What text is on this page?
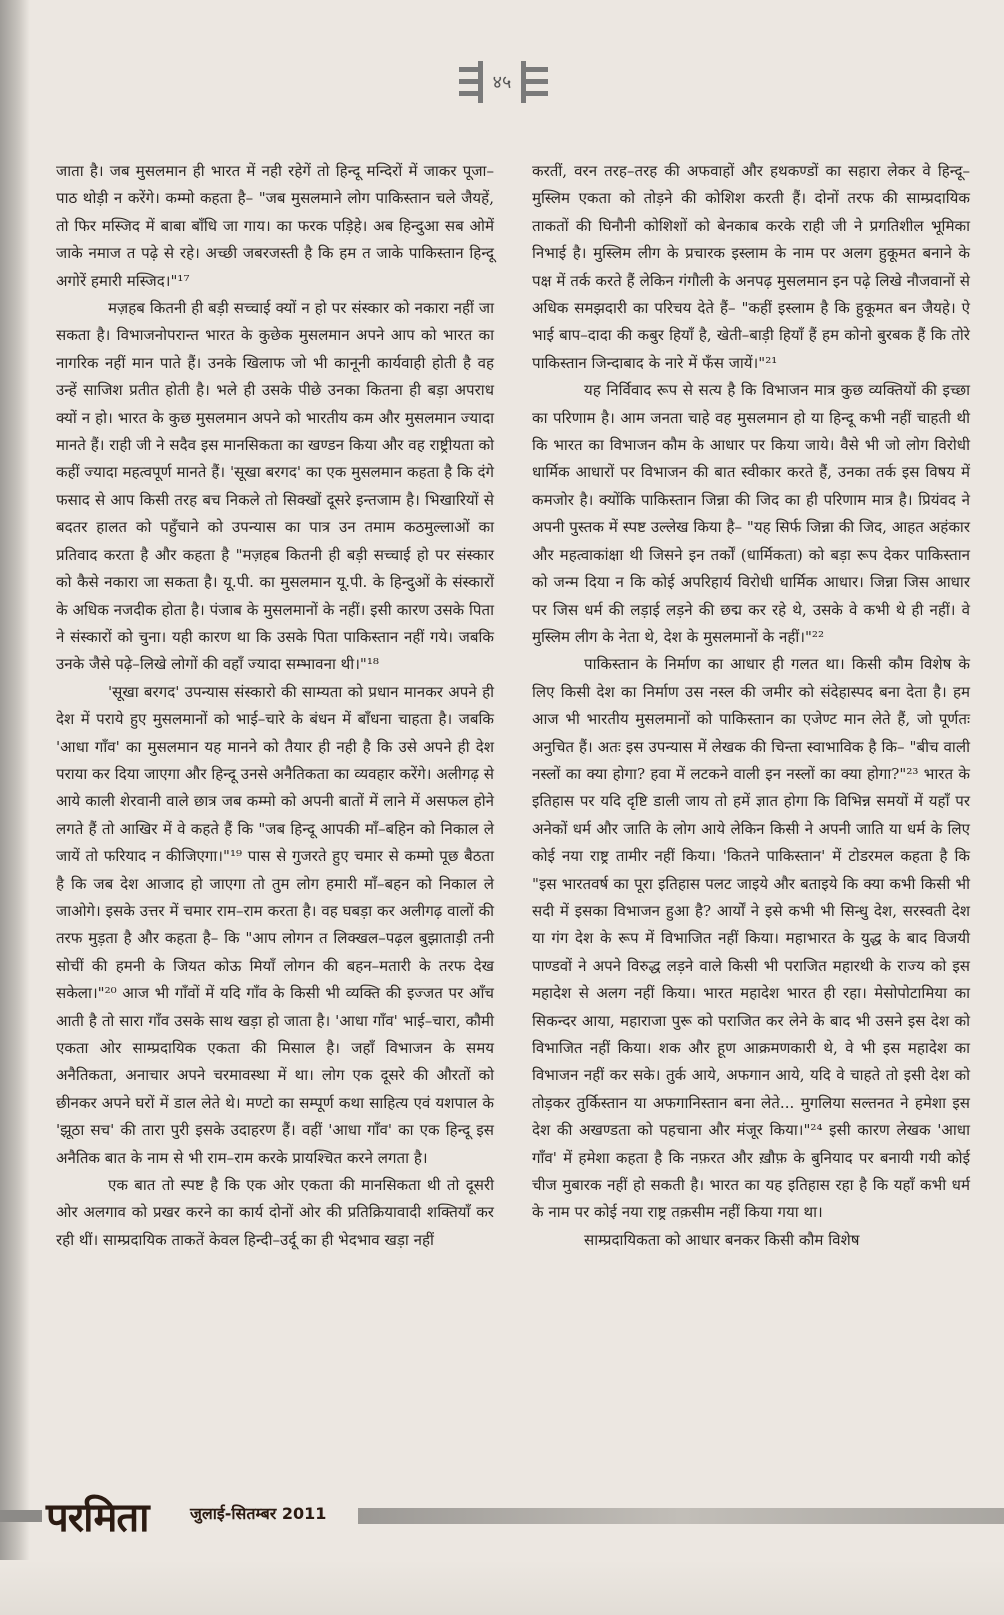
४५

जाता है। जब मुसलमान ही भारत में नही रहेगें तो हिन्दू मन्दिरों में जाकर पूजा–पाठ थोड़ी न करेंगे। कम्मो कहता है– "जब मुसलमाने लोग पाकिस्तान चले जैयहें, तो फिर मस्जिद में बाबा बाँधि जा गाय। का फरक पड़िहे। अब हिन्दुआ सब ओमें जाके नमाज त पढ़े से रहे। अच्छी जबरजस्ती है कि हम त जाके पाकिस्तान हिन्दू अगोरें हमारी मस्जिद।"¹⁷

मज़हब कितनी ही बड़ी सच्चाई क्यों न हो पर संस्कार को नकारा नहीं जा सकता है। विभाजनोपरान्त भारत के कुछेक मुसलमान अपने आप को भारत का नागरिक नहीं मान पाते हैं। उनके खिलाफ जो भी कानूनी कार्यवाही होती है वह उन्हें साजिश प्रतीत होती है। भले ही उसके पीछे उनका कितना ही बड़ा अपराध क्यों न हो। भारत के कुछ मुसलमान अपने को भारतीय कम और मुसलमान ज्यादा मानते हैं। राही जी ने सदैव इस मानसिकता का खण्डन किया और वह राष्ट्रीयता को कहीं ज्यादा महत्वपूर्ण मानते हैं। 'सूखा बरगद' का एक मुसलमान कहता है कि दंगे फसाद से आप किसी तरह बच निकले तो सिक्खों दूसरे इन्तजाम है। भिखारियों से बदतर हालत को पहुँचाने को उपन्यास का पात्र उन तमाम कठमुल्लाओं का प्रतिवाद करता है और कहता है "मज़हब कितनी ही बड़ी सच्चाई हो पर संस्कार को कैसे नकारा जा सकता है। यू.पी. का मुसलमान यू.पी. के हिन्दुओं के संस्कारों के अधिक नजदीक होता है। पंजाब के मुसलमानों के नहीं। इसी कारण उसके पिता ने संस्कारों को चुना। यही कारण था कि उसके पिता पाकिस्तान नहीं गये। जबकि उनके जैसे पढ़े–लिखे लोगों की वहाँ ज्यादा सम्भावना थी।"¹⁸

'सूखा बरगद' उपन्यास संस्कारो की साम्यता को प्रधान मानकर अपने ही देश में पराये हुए मुसलमानों को भाई–चारे के बंधन में बाँधना चाहता है। जबकि 'आधा गाँव' का मुसलमान यह मानने को तैयार ही नही है कि उसे अपने ही देश पराया कर दिया जाएगा और हिन्दू उनसे अनैतिकता का व्यवहार करेंगे। अलीगढ़ से आये काली शेरवानी वाले छात्र जब कम्मो को अपनी बातों में लाने में असफल होने लगते हैं तो आखिर में वे कहते हैं कि "जब हिन्दू आपकी माँ–बहिन को निकाल ले जायें तो फरियाद न कीजिएगा।"¹⁹ पास से गुजरते हुए चमार से कम्मो पूछ बैठता है कि जब देश आजाद हो जाएगा तो तुम लोग हमारी माँ–बहन को निकाल ले जाओगे। इसके उत्तर में चमार राम–राम करता है। वह घबड़ा कर अलीगढ़ वालों की तरफ मुड़ता है और कहता है– कि "आप लोगन त लिक्खल–पढ़ल बुझाताड़ी तनी सोचीं की हमनी के जियत कोऊ मियाँ लोगन की बहन–मतारी के तरफ देख सकेला।"²⁰ आज भी गाँवों में यदि गाँव के किसी भी व्यक्ति की इज्जत पर आँच आती है तो सारा गाँव उसके साथ खड़ा हो जाता है। 'आधा गाँव' भाई–चारा, कौमी एकता ओर साम्प्रदायिक एकता की मिसाल है। जहाँ विभाजन के समय अनैतिकता, अनाचार अपने चरमावस्था में था। लोग एक दूसरे की औरतों को छीनकर अपने घरों में डाल लेते थे। मण्टो का सम्पूर्ण कथा साहित्य एवं यशपाल के 'झूठा सच' की तारा पुरी इसके उदाहरण हैं। वहीं 'आधा गाँव' का एक हिन्दू इस अनैतिक बात के नाम से भी राम–राम करके प्रायश्चित करने लगता है।

एक बात तो स्पष्ट है कि एक ओर एकता की मानसिकता थी तो दूसरी ओर अलगाव को प्रखर करने का कार्य दोनों ओर की प्रतिक्रियावादी शक्तियाँ कर रही थीं। साम्प्रदायिक ताकतें केवल हिन्दी–उर्दू का ही भेदभाव खड़ा नहीं

करतीं, वरन तरह–तरह की अफवाहों और हथकण्डों का सहारा लेकर वे हिन्दू–मुस्लिम एकता को तोड़ने की कोशिश करती हैं। दोनों तरफ की साम्प्रदायिक ताकतों की घिनौनी कोशिशों को बेनकाब करके राही जी ने प्रगतिशील भूमिका निभाई है। मुस्लिम लीग के प्रचारक इस्लाम के नाम पर अलग हुकूमत बनाने के पक्ष में तर्क करते हैं लेकिन गंगौली के अनपढ़ मुसलमान इन पढ़े लिखे नौजवानों से अधिक समझदारी का परिचय देते हैं– "कहीं इस्लाम है कि हुकूमत बन जैयहे। ऐ भाई बाप–दादा की कबुर हियाँ है, खेती–बाड़ी हियाँ हैं हम कोनो बुरबक हैं कि तोरे पाकिस्तान जिन्दाबाद के नारे में फँस जायें।"²¹

यह निर्विवाद रूप से सत्य है कि विभाजन मात्र कुछ व्यक्तियों की इच्छा का परिणाम है। आम जनता चाहे वह मुसलमान हो या हिन्दू कभी नहीं चाहती थी कि भारत का विभाजन कौम के आधार पर किया जाये। वैसे भी जो लोग विरोधी धार्मिक आधारों पर विभाजन की बात स्वीकार करते हैं, उनका तर्क इस विषय में कमजोर है। क्योंकि पाकिस्तान जिन्ना की जिद का ही परिणाम मात्र है। प्रियंवद ने अपनी पुस्तक में स्पष्ट उल्लेख किया है– "यह सिर्फ जिन्ना की जिद, आहत अहंकार और महत्वाकांक्षा थी जिसने इन तर्कों (धार्मिकता) को बड़ा रूप देकर पाकिस्तान को जन्म दिया न कि कोई अपरिहार्य विरोधी धार्मिक आधार। जिन्ना जिस आधार पर जिस धर्म की लड़ाई लड़ने की छद्म कर रहे थे, उसके वे कभी थे ही नहीं। वे मुस्लिम लीग के नेता थे, देश के मुसलमानों के नहीं।"²²

पाकिस्तान के निर्माण का आधार ही गलत था। किसी कौम विशेष के लिए किसी देश का निर्माण उस नस्ल की जमीर को संदेहास्पद बना देता है। हम आज भी भारतीय मुसलमानों को पाकिस्तान का एजेण्ट मान लेते हैं, जो पूर्णतः अनुचित हैं। अतः इस उपन्यास में लेखक की चिन्ता स्वाभाविक है कि– "बीच वाली नस्लों का क्या होगा? हवा में लटकने वाली इन नस्लों का क्या होगा?"²³ भारत के इतिहास पर यदि दृष्टि डाली जाय तो हमें ज्ञात होगा कि विभिन्न समयों में यहाँ पर अनेकों धर्म और जाति के लोग आये लेकिन किसी ने अपनी जाति या धर्म के लिए कोई नया राष्ट्र तामीर नहीं किया। 'कितने पाकिस्तान' में टोडरमल कहता है कि "इस भारतवर्ष का पूरा इतिहास पलट जाइये और बताइये कि क्या कभी किसी भी सदी में इसका विभाजन हुआ है? आर्यों ने इसे कभी भी सिन्धु देश, सरस्वती देश या गंग देश के रूप में विभाजित नहीं किया। महाभारत के युद्ध के बाद विजयी पाण्डवों ने अपने विरुद्ध लड़ने वाले किसी भी पराजित महारथी के राज्य को इस महादेश से अलग नहीं किया। भारत महादेश भारत ही रहा। मेसोपोटामिया का सिकन्दर आया, महाराजा पुरू को पराजित कर लेने के बाद भी उसने इस देश को विभाजित नहीं किया। शक और हूण आक्रमणकारी थे, वे भी इस महादेश का विभाजन नहीं कर सके। तुर्क आये, अफगान आये, यदि वे चाहते तो इसी देश को तोड़कर तुर्किस्तान या अफगानिस्तान बना लेते... मुगलिया सल्तनत ने हमेशा इस देश की अखण्डता को पहचाना और मंजूर किया।"²⁴ इसी कारण लेखक 'आधा गाँव' में हमेशा कहता है कि नफ़रत और ख़ौफ़ के बुनियाद पर बनायी गयी कोई चीज मुबारक नहीं हो सकती है। भारत का यह इतिहास रहा है कि यहाँ कभी धर्म के नाम पर कोई नया राष्ट्र तक़सीम नहीं किया गया था।

साम्प्रदायिकता को आधार बनकर किसी कौम विशेष

परमिता	जुलाई-सितम्बर 2011
